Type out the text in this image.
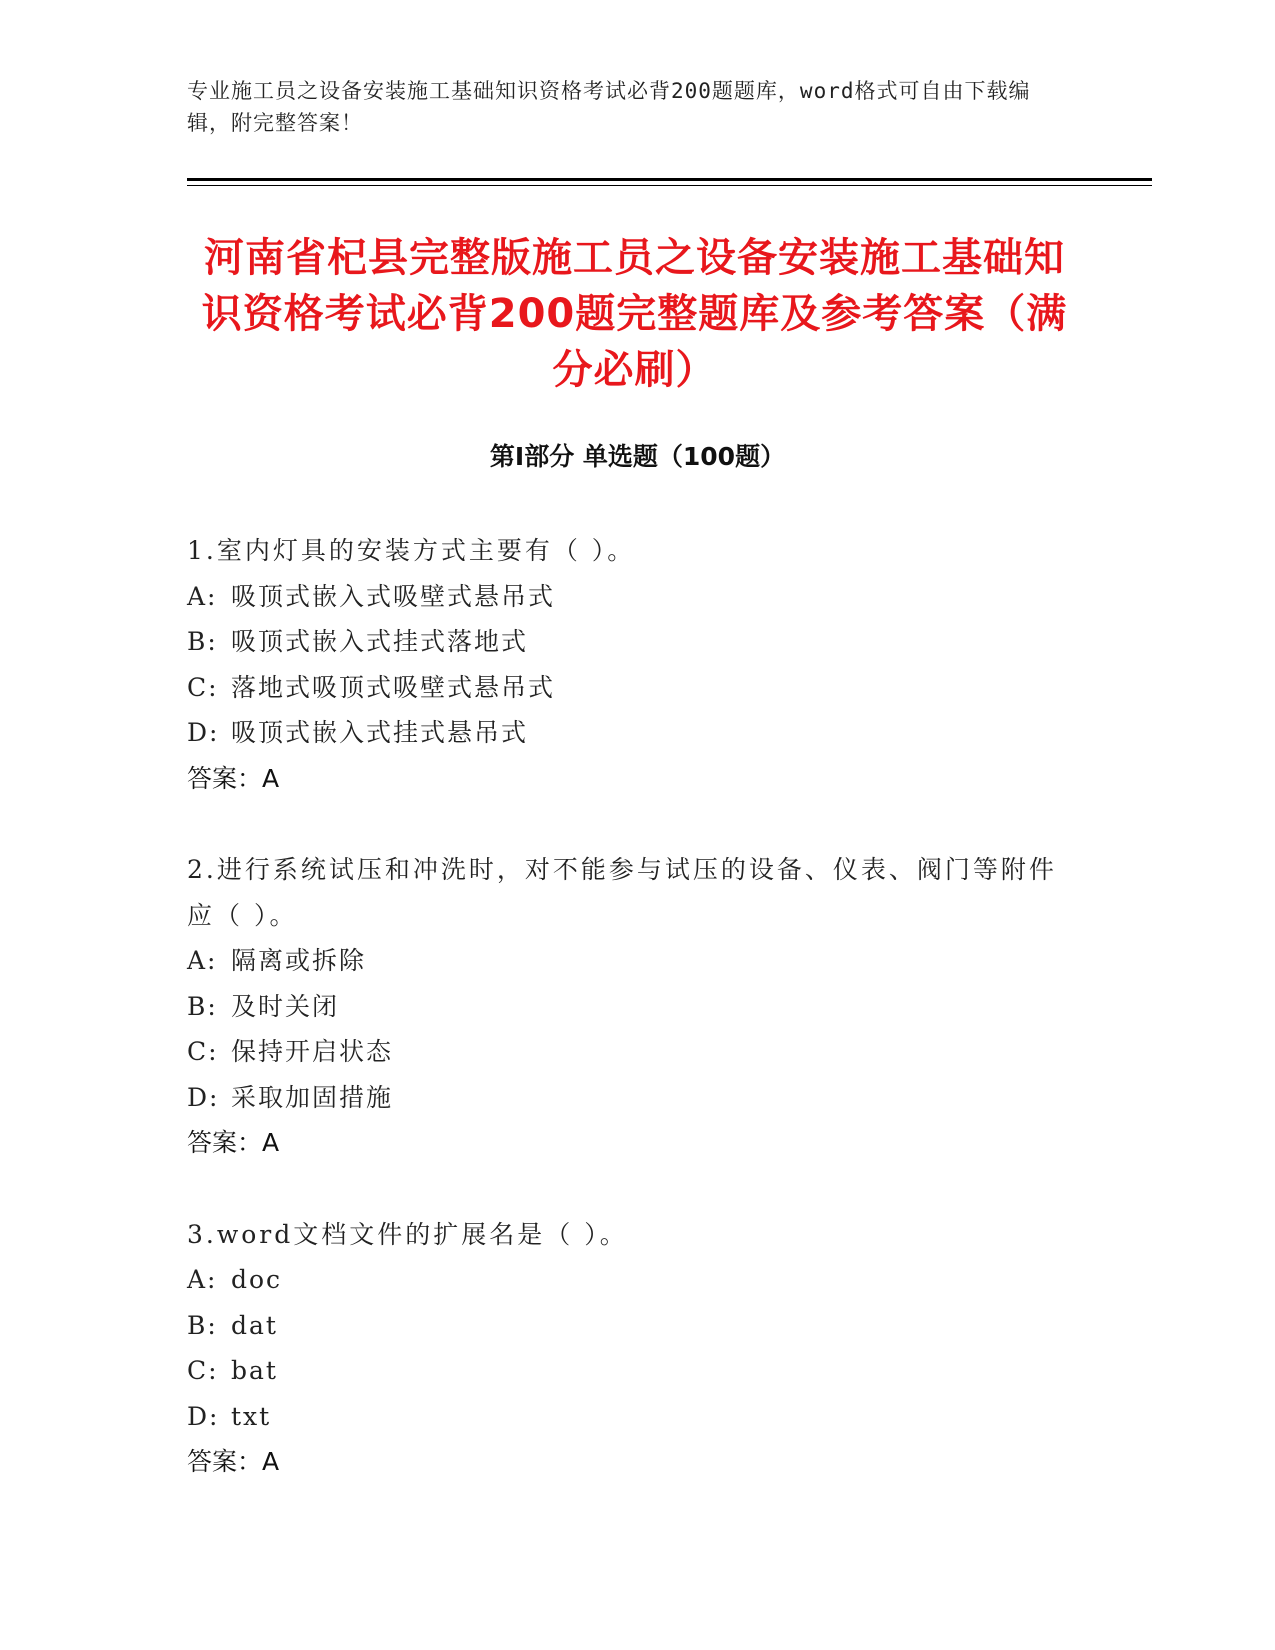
专业施工员之设备安装施工基础知识资格考试必背200题题库，word格式可自由下载编辑，附完整答案！
河南省杞县完整版施工员之设备安装施工基础知识资格考试必背200题完整题库及参考答案（满分必刷）
第I部分 单选题（100题）
1.室内灯具的安装方式主要有（ ）。
A: 吸顶式嵌入式吸壁式悬吊式
B: 吸顶式嵌入式挂式落地式
C: 落地式吸顶式吸壁式悬吊式
D: 吸顶式嵌入式挂式悬吊式
答案：A
2.进行系统试压和冲洗时，对不能参与试压的设备、仪表、阀门等附件应（ ）。
A: 隔离或拆除
B: 及时关闭
C: 保持开启状态
D: 采取加固措施
答案：A
3.word文档文件的扩展名是（ ）。
A: doc
B: dat
C: bat
D: txt
答案：A
